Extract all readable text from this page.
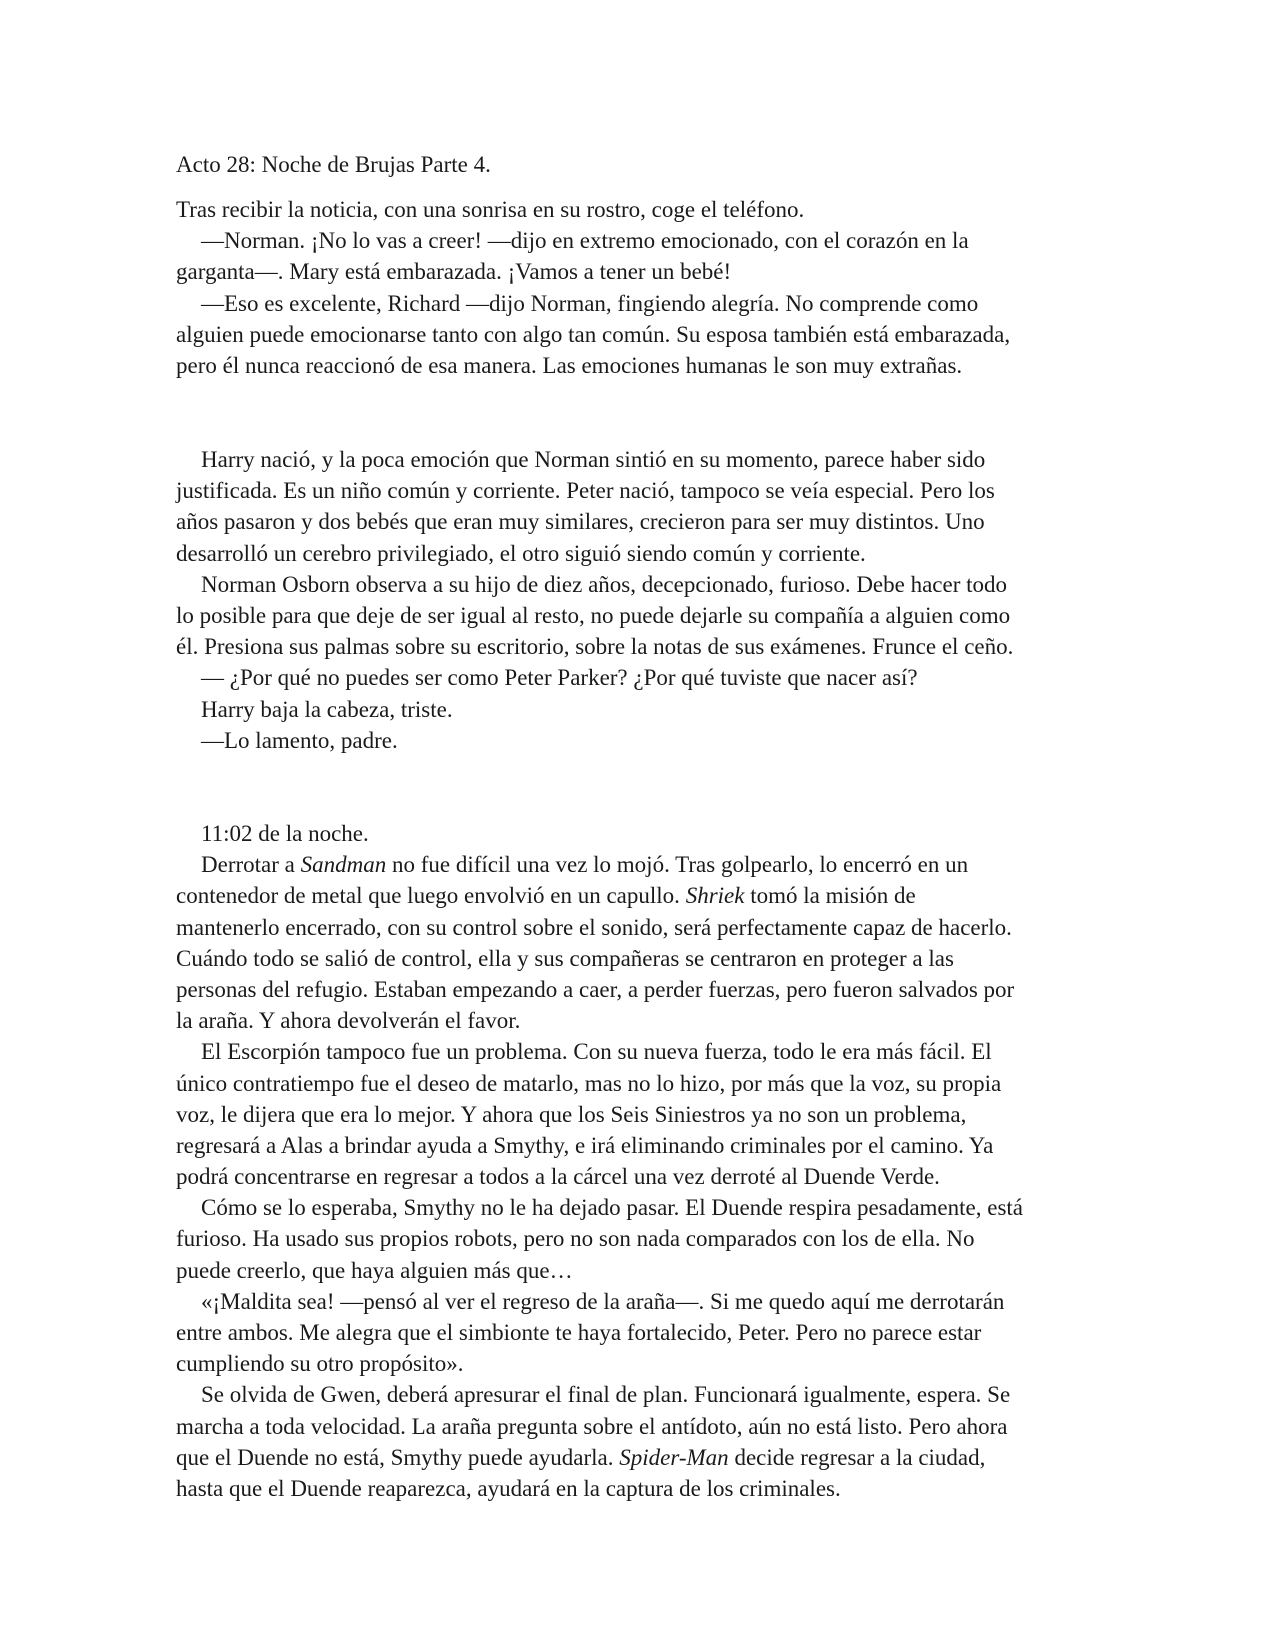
Acto 28: Noche de Brujas Parte 4.
Tras recibir la noticia, con una sonrisa en su rostro, coge el teléfono.
—Norman. ¡No lo vas a creer! —dijo en extremo emocionado, con el corazón en la
garganta—. Mary está embarazada. ¡Vamos a tener un bebé!
—Eso es excelente, Richard —dijo Norman, fingiendo alegría. No comprende como
alguien puede emocionarse tanto con algo tan común. Su esposa también está embarazada,
pero él nunca reaccionó de esa manera. Las emociones humanas le son muy extrañas.
Harry nació, y la poca emoción que Norman sintió en su momento, parece haber sido
justificada. Es un niño común y corriente. Peter nació, tampoco se veía especial. Pero los
años pasaron y dos bebés que eran muy similares, crecieron para ser muy distintos. Uno
desarrolló un cerebro privilegiado, el otro siguió siendo común y corriente.
Norman Osborn observa a su hijo de diez años, decepcionado, furioso. Debe hacer todo
lo posible para que deje de ser igual al resto, no puede dejarle su compañía a alguien como
él. Presiona sus palmas sobre su escritorio, sobre la notas de sus exámenes. Frunce el ceño.
— ¿Por qué no puedes ser como Peter Parker? ¿Por qué tuviste que nacer así?
Harry baja la cabeza, triste.
—Lo lamento, padre.
11:02 de la noche.
Derrotar a Sandman no fue difícil una vez lo mojó. Tras golpearlo, lo encerró en un
contenedor de metal que luego envolvió en un capullo. Shriek tomó la misión de
mantenerlo encerrado, con su control sobre el sonido, será perfectamente capaz de hacerlo.
Cuándo todo se salió de control, ella y sus compañeras se centraron en proteger a las
personas del refugio. Estaban empezando a caer, a perder fuerzas, pero fueron salvados por
la araña. Y ahora devolverán el favor.
El Escorpión tampoco fue un problema. Con su nueva fuerza, todo le era más fácil. El
único contratiempo fue el deseo de matarlo, mas no lo hizo, por más que la voz, su propia
voz, le dijera que era lo mejor. Y ahora que los Seis Siniestros ya no son un problema,
regresará a Alas a brindar ayuda a Smythy, e irá eliminando criminales por el camino. Ya
podrá concentrarse en regresar a todos a la cárcel una vez derroté al Duende Verde.
Cómo se lo esperaba, Smythy no le ha dejado pasar. El Duende respira pesadamente, está
furioso. Ha usado sus propios robots, pero no son nada comparados con los de ella. No
puede creerlo, que haya alguien más que…
«¡Maldita sea! —pensó al ver el regreso de la araña—. Si me quedo aquí me derrotarán
entre ambos. Me alegra que el simbionte te haya fortalecido, Peter. Pero no parece estar
cumpliendo su otro propósito».
Se olvida de Gwen, deberá apresurar el final de plan. Funcionará igualmente, espera. Se
marcha a toda velocidad. La araña pregunta sobre el antídoto, aún no está listo. Pero ahora
que el Duende no está, Smythy puede ayudarla. Spider-Man decide regresar a la ciudad,
hasta que el Duende reaparezca, ayudará en la captura de los criminales.
